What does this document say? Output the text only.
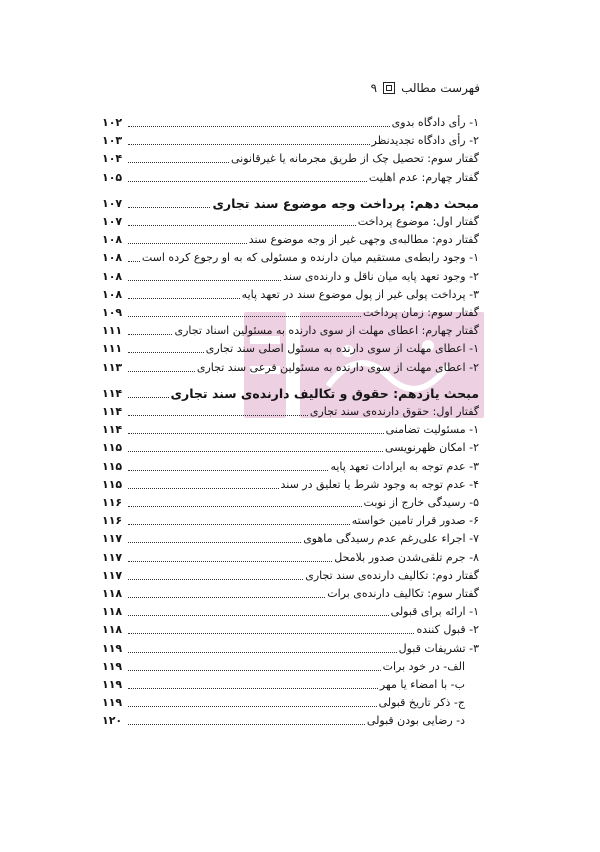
فهرست مطالب
۹
۱- رأی دادگاه بدوی
۱۰۲
۲- رأی دادگاه تجدیدنظر
۱۰۳
گفتار سوم: تحصیل چک از طریق مجرمانه یا غیرقانونی
۱۰۴
گفتار چهارم: عدم اهلیت
۱۰۵
مبحث دهم: پرداخت وجه موضوع سند تجاری
۱۰۷
گفتار اول: موضوع پرداخت
۱۰۷
گفتار دوم: مطالبه‌ی وجهی غیر از وجه موضوع سند
۱۰۸
۱- وجود رابطه‌ی مستقیم میان دارنده و مسئولی که به او رجوع کرده است
۱۰۸
۲- وجود تعهد پایه میان ناقل و دارنده‌ی سند
۱۰۸
۳- پرداخت پولی غیر از پول موضوع سند در تعهد پایه
۱۰۸
گفتار سوم: زمان پرداخت
۱۰۹
گفتار چهارم: اعطای مهلت از سوی دارنده به مسئولین اسناد تجاری
۱۱۱
۱- اعطای مهلت از سوی دارنده به مسئول اصلی سند تجاری
۱۱۱
۲- اعطای مهلت از سوی دارنده به مسئولین فرعی سند تجاری
۱۱۳
مبحث یازدهم: حقوق و تکالیف دارنده‌ی سند تجاری
۱۱۴
گفتار اول: حقوق دارنده‌ی سند تجاری
۱۱۴
۱- مسئولیت تضامنی
۱۱۴
۲- امکان ظهرنویسی
۱۱۵
۳- عدم توجه به ایرادات تعهد پایه
۱۱۵
۴- عدم توجه به وجود شرط یا تعلیق در سند
۱۱۵
۵- رسیدگی خارج از نوبت
۱۱۶
۶- صدور قرار تامین خواسته
۱۱۶
۷- اجراء علی‌رغم عدم رسیدگی ماهوی
۱۱۷
۸- جرم تلقی‌شدن صدور بلامحل
۱۱۷
گفتار دوم: تکالیف دارنده‌ی سند تجاری
۱۱۷
گفتار سوم: تکالیف دارنده‌ی برات
۱۱۸
۱- ارائه برای قبولی
۱۱۸
۲- قبول کننده
۱۱۸
۳- تشریفات قبول
۱۱۹
الف- در خود برات
۱۱۹
ب- با امضاء یا مهر
۱۱۹
ج- ذکر تاریخ قبولی
۱۱۹
د- رضایی بودن قبولی
۱۲۰
